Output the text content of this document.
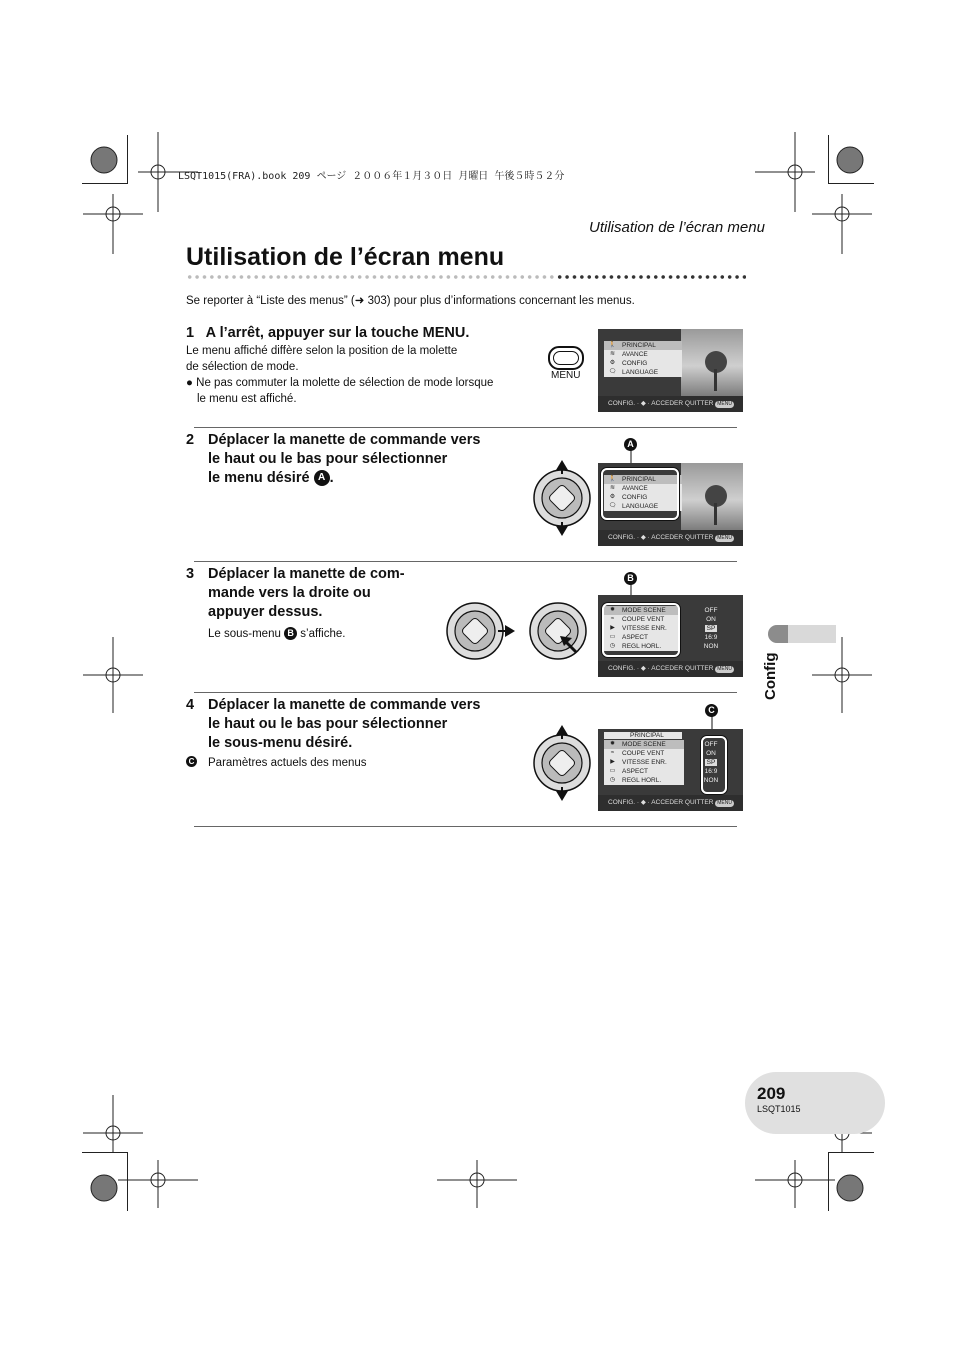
LSQT1015(FRA).book 209 ページ ２００６年１月３０日 月曜日 午後５時５２分
Utilisation de l’écran menu
Utilisation de l’écran menu
Se reporter à “Liste des menus” (➜ 303) pour plus d’informations concernant les menus.
1 A l’arrêt, appuyer sur la touche MENU.
Le menu affiché diffère selon la position de la molette
de sélection de mode.
● Ne pas commuter la molette de sélection de mode lorsque
le menu est affiché.
MENU
🚶 PRINCIPAL
≋	AVANCE
⚙ CONFIG
🗨 LANGUAGE
CONFIG. · ◆ · ACCEDER QUITTER MENU
2 Déplacer la manette de commande vers
le haut ou le bas pour sélectionner
le menu désiré A .
A
🚶 PRINCIPAL
≋	AVANCE
⚙ CONFIG
🗨 LANGUAGE
CONFIG. · ◆ · ACCEDER QUITTER MENU
3 Déplacer la manette de com-
mande vers la droite ou
appuyer dessus.
Le sous-menu B s’affiche.
B
✹	MODE SCENE
≈	COUPE VENT
▶	VITESSE ENR.
▭ ASPECT
◷ REGL HORL.
OFF
ON
SP
16:9
NON
CONFIG. · ◆ · ACCEDER QUITTER MENU	Config
4 Déplacer la manette de commande vers
le haut ou le bas pour sélectionner
le sous-menu désiré.
C Paramètres actuels des menus
C
PRINCIPAL
✹	MODE SCENE
≈	COUPE VENT
▶	VITESSE ENR.
▭ ASPECT
◷ REGL HORL.
OFF
ON
SP
16:9
NON
CONFIG. · ◆ · ACCEDER QUITTER MENU
209
LSQT1015
